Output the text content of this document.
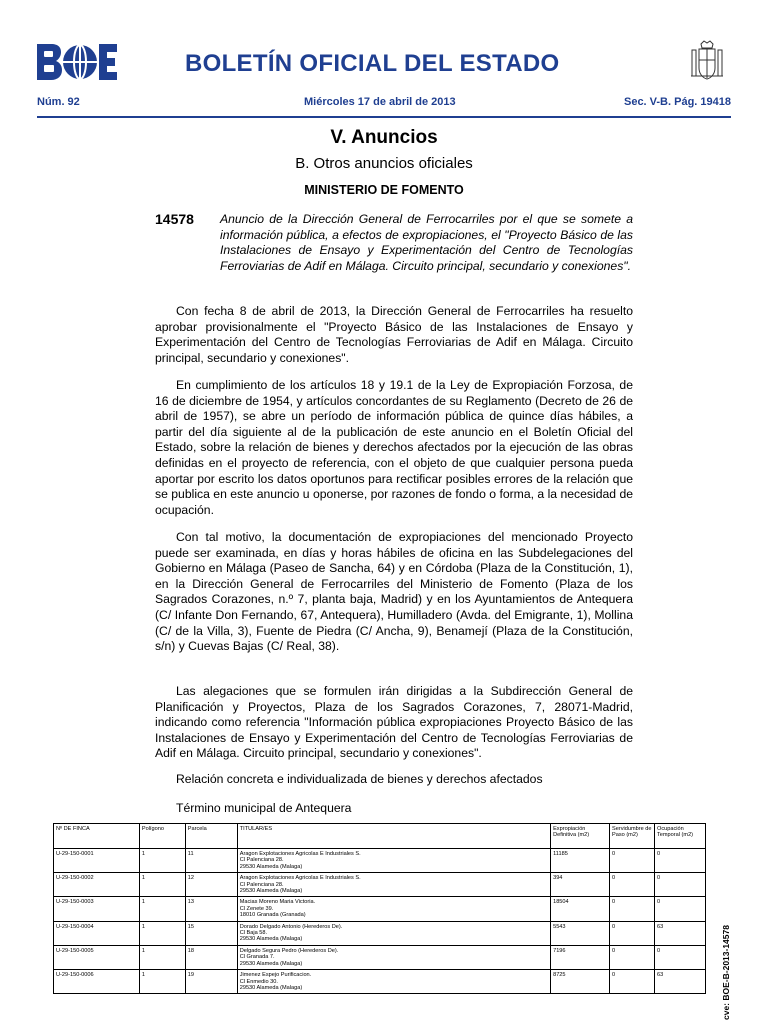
BOLETÍN OFICIAL DEL ESTADO
Núm. 92	Miércoles 17 de abril de 2013	Sec. V-B. Pág. 19418
V. Anuncios
B. Otros anuncios oficiales
MINISTERIO DE FOMENTO
14578 Anuncio de la Dirección General de Ferrocarriles por el que se somete a información pública, a efectos de expropiaciones, el "Proyecto Básico de las Instalaciones de Ensayo y Experimentación del Centro de Tecnologías Ferroviarias de Adif en Málaga. Circuito principal, secundario y conexiones".
Con fecha 8 de abril de 2013, la Dirección General de Ferrocarriles ha resuelto aprobar provisionalmente el "Proyecto Básico de las Instalaciones de Ensayo y Experimentación del Centro de Tecnologías Ferroviarias de Adif en Málaga. Circuito principal, secundario y conexiones".
En cumplimiento de los artículos 18 y 19.1 de la Ley de Expropiación Forzosa, de 16 de diciembre de 1954, y artículos concordantes de su Reglamento (Decreto de 26 de abril de 1957), se abre un período de información pública de quince días hábiles, a partir del día siguiente al de la publicación de este anuncio en el Boletín Oficial del Estado, sobre la relación de bienes y derechos afectados por la ejecución de las obras definidas en el proyecto de referencia, con el objeto de que cualquier persona pueda aportar por escrito los datos oportunos para rectificar posibles errores de la relación que se publica en este anuncio u oponerse, por razones de fondo o forma, a la necesidad de ocupación.
Con tal motivo, la documentación de expropiaciones del mencionado Proyecto puede ser examinada, en días y horas hábiles de oficina en las Subdelegaciones del Gobierno en Málaga (Paseo de Sancha, 64) y en Córdoba (Plaza de la Constitución, 1), en la Dirección General de Ferrocarriles del Ministerio de Fomento (Plaza de los Sagrados Corazones, n.º 7, planta baja, Madrid) y en los Ayuntamientos de Antequera (C/ Infante Don Fernando, 67, Antequera), Humilladero (Avda. del Emigrante, 1), Mollina (C/ de la Villa, 3), Fuente de Piedra (C/ Ancha, 9), Benamejí (Plaza de la Constitución, s/n) y Cuevas Bajas (C/ Real, 38).
Las alegaciones que se formulen irán dirigidas a la Subdirección General de Planificación y Proyectos, Plaza de los Sagrados Corazones, 7, 28071-Madrid, indicando como referencia "Información pública expropiaciones Proyecto Básico de las Instalaciones de Ensayo y Experimentación del Centro de Tecnologías Ferroviarias de Adif en Málaga. Circuito principal, secundario y conexiones".
Relación concreta e individualizada de bienes y derechos afectados
Término municipal de Antequera
Nº DE FINCA	Polígono	Parcela	TITULAR/ES	Expropiación Definitiva (m2)	Servidumbre de Paso (m2)	Ocupación Temporal (m2)
U-29-150-0001	1	11	Aragon Explotaciones Agricolas E Industriales S.
Cl Palenciana 28.
29530 Alameda (Malaga)	11185	0	0
U-29-150-0002	1	12	Aragon Explotaciones Agricolas E Industriales S.
Cl Palenciana 28.
29530 Alameda (Malaga)	394	0	0
U-29-150-0003	1	13	Macias Moreno Maria Victoria.
Cl Zenete 39.
18010 Granada (Granada)	18504	0	0
U-29-150-0004	1	15	Dorado Delgado Antonio (Herederos De).
Cl Baja 58.
29530 Alameda (Malaga)	5543	0	63
U-29-150-0005	1	18	Delgado Segura Pedro (Herederos De).
Cl Granada 7.
29530 Alameda (Malaga)	7196	0	0
U-29-150-0006	1	19	Jimenez Espejo Purificacion.
Cl Enmedio 30.
29530 Alameda (Malaga)	8725	0	63	cve: BOE-B-2013-14578
